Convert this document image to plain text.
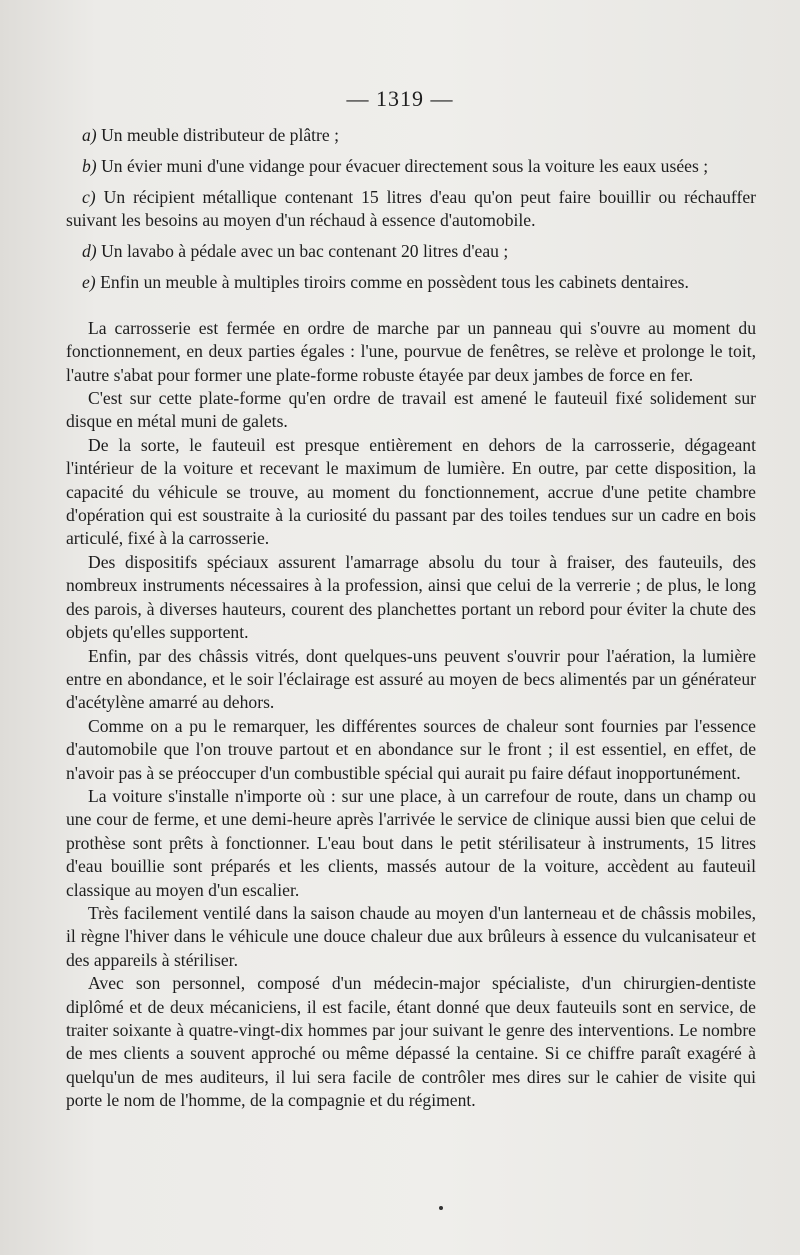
— 1319 —

a) Un meuble distributeur de plâtre ;

b) Un évier muni d'une vidange pour évacuer directement sous la voiture les eaux usées ;

c) Un récipient métallique contenant 15 litres d'eau qu'on peut faire bouillir ou réchauffer suivant les besoins au moyen d'un réchaud à essence d'automobile.

d) Un lavabo à pédale avec un bac contenant 20 litres d'eau ;

e) Enfin un meuble à multiples tiroirs comme en possèdent tous les cabinets dentaires.

La carrosserie est fermée en ordre de marche par un panneau qui s'ouvre au moment du fonctionnement, en deux parties égales : l'une, pourvue de fenêtres, se relève et prolonge le toit, l'autre s'abat pour former une plate-forme robuste étayée par deux jambes de force en fer.

C'est sur cette plate-forme qu'en ordre de travail est amené le fauteuil fixé solidement sur disque en métal muni de galets.

De la sorte, le fauteuil est presque entièrement en dehors de la carrosserie, dégageant l'intérieur de la voiture et recevant le maximum de lumière. En outre, par cette disposition, la capacité du véhicule se trouve, au moment du fonctionnement, accrue d'une petite chambre d'opération qui est soustraite à la curiosité du passant par des toiles tendues sur un cadre en bois articulé, fixé à la carrosserie.

Des dispositifs spéciaux assurent l'amarrage absolu du tour à fraiser, des fauteuils, des nombreux instruments nécessaires à la profession, ainsi que celui de la verrerie ; de plus, le long des parois, à diverses hauteurs, courent des planchettes portant un rebord pour éviter la chute des objets qu'elles supportent.

Enfin, par des châssis vitrés, dont quelques-uns peuvent s'ouvrir pour l'aération, la lumière entre en abondance, et le soir l'éclairage est assuré au moyen de becs alimentés par un générateur d'acétylène amarré au dehors.

Comme on a pu le remarquer, les différentes sources de chaleur sont fournies par l'essence d'automobile que l'on trouve partout et en abondance sur le front ; il est essentiel, en effet, de n'avoir pas à se préoccuper d'un combustible spécial qui aurait pu faire défaut inopportunément.

La voiture s'installe n'importe où : sur une place, à un carrefour de route, dans un champ ou une cour de ferme, et une demi-heure après l'arrivée le service de clinique aussi bien que celui de prothèse sont prêts à fonctionner. L'eau bout dans le petit stérilisateur à instruments, 15 litres d'eau bouillie sont préparés et les clients, massés autour de la voiture, accèdent au fauteuil classique au moyen d'un escalier.

Très facilement ventilé dans la saison chaude au moyen d'un lanterneau et de châssis mobiles, il règne l'hiver dans le véhicule une douce chaleur due aux brûleurs à essence du vulcanisateur et des appareils à stériliser.

Avec son personnel, composé d'un médecin-major spécialiste, d'un chirurgien-dentiste diplômé et de deux mécaniciens, il est facile, étant donné que deux fauteuils sont en service, de traiter soixante à quatre-vingt-dix hommes par jour suivant le genre des interventions. Le nombre de mes clients a souvent approché ou même dépassé la centaine. Si ce chiffre paraît exagéré à quelqu'un de mes auditeurs, il lui sera facile de contrôler mes dires sur le cahier de visite qui porte le nom de l'homme, de la compagnie et du régiment.
